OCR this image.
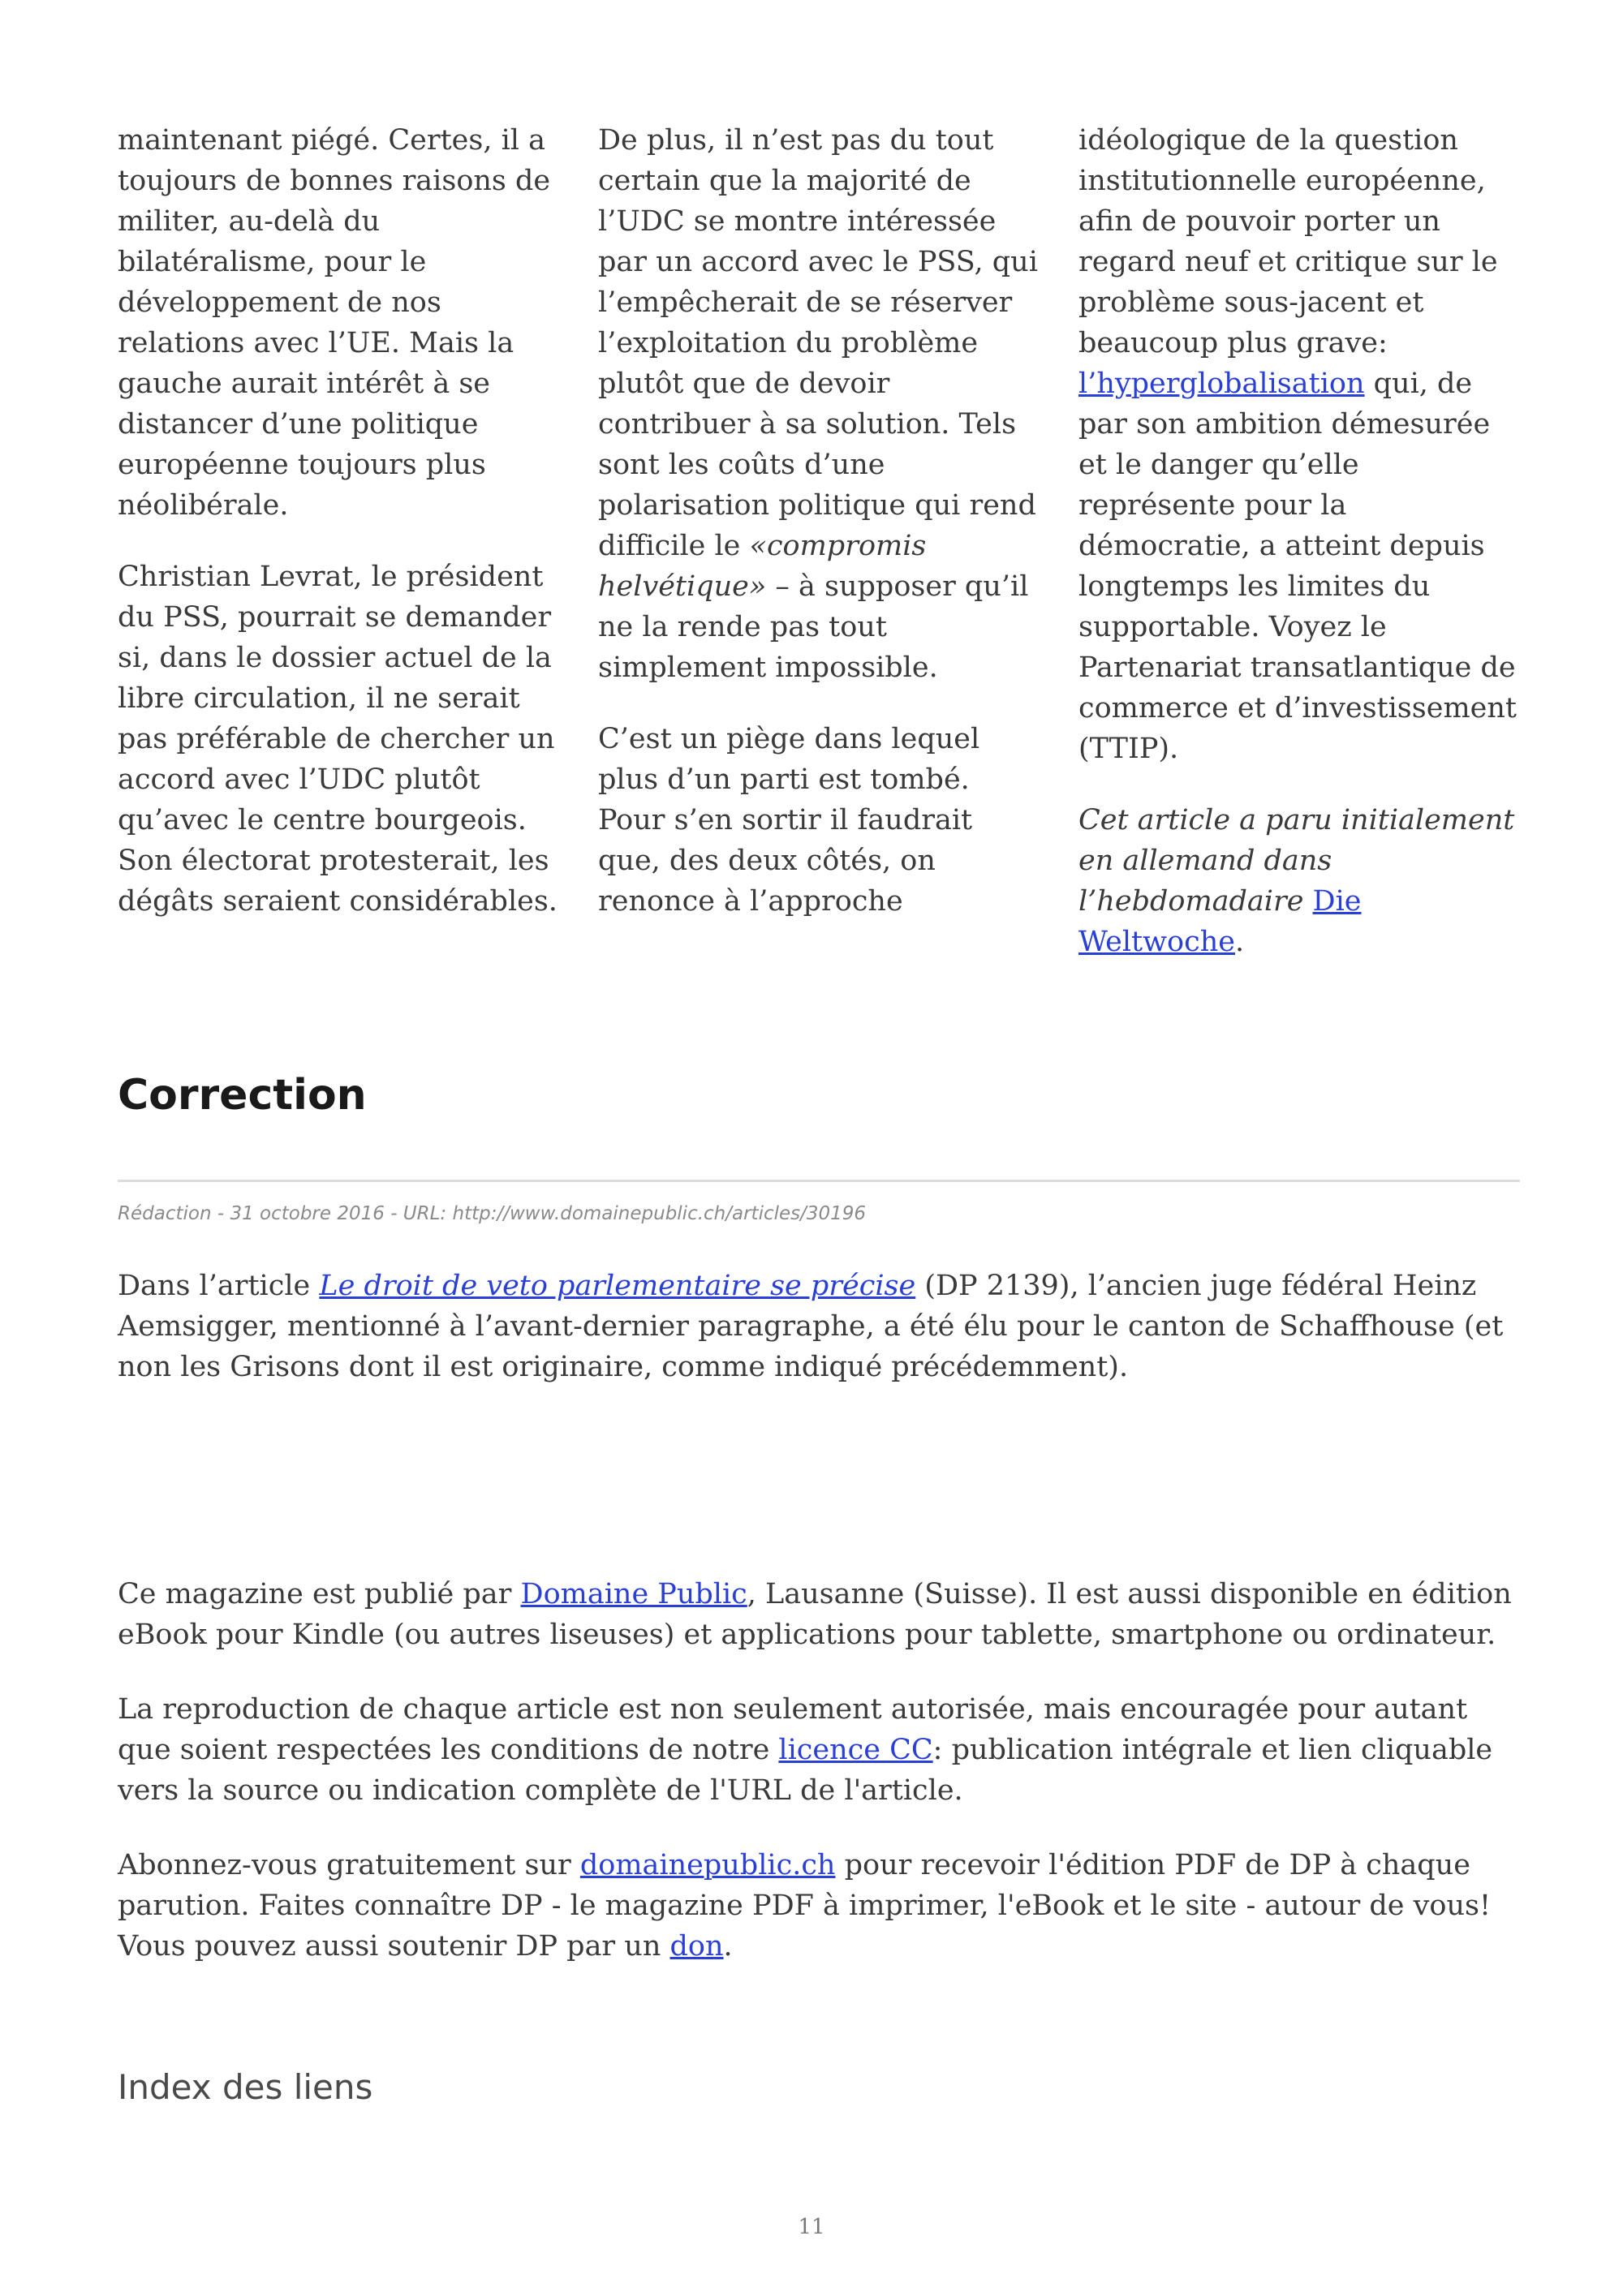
maintenant piégé. Certes, il a toujours de bonnes raisons de militer, au-delà du bilatéralisme, pour le développement de nos relations avec l’UE. Mais la gauche aurait intérêt à se distancer d’une politique européenne toujours plus néolibérale.

Christian Levrat, le président du PSS, pourrait se demander si, dans le dossier actuel de la libre circulation, il ne serait pas préférable de chercher un accord avec l’UDC plutôt qu’avec le centre bourgeois. Son électorat protesterait, les dégâts seraient considérables.

De plus, il n’est pas du tout certain que la majorité de l’UDC se montre intéressée par un accord avec le PSS, qui l’empêcherait de se réserver l’exploitation du problème plutôt que de devoir contribuer à sa solution. Tels sont les coûts d’une polarisation politique qui rend difficile le «compromis helvétique» – à supposer qu’il ne la rende pas tout simplement impossible.

C’est un piège dans lequel plus d’un parti est tombé. Pour s’en sortir il faudrait que, des deux côtés, on renonce à l’approche

idéologique de la question institutionnelle européenne, afin de pouvoir porter un regard neuf et critique sur le problème sous-jacent et beaucoup plus grave: l’hyperglobalisation qui, de par son ambition démesurée et le danger qu’elle représente pour la démocratie, a atteint depuis longtemps les limites du supportable. Voyez le Partenariat transatlantique de commerce et d’investissement (TTIP).

Cet article a paru initialement en allemand dans l’hebdomadaire Die Weltwoche.

Correction
Rédaction - 31 octobre 2016 - URL: http://www.domainepublic.ch/articles/30196

Dans l’article Le droit de veto parlementaire se précise (DP 2139), l’ancien juge fédéral Heinz Aemsigger, mentionné à l’avant-dernier paragraphe, a été élu pour le canton de Schaffhouse (et non les Grisons dont il est originaire, comme indiqué précédemment).

Ce magazine est publié par Domaine Public, Lausanne (Suisse). Il est aussi disponible en édition eBook pour Kindle (ou autres liseuses) et applications pour tablette, smartphone ou ordinateur.

La reproduction de chaque article est non seulement autorisée, mais encouragée pour autant que soient respectées les conditions de notre licence CC: publication intégrale et lien cliquable vers la source ou indication complète de l'URL de l'article.

Abonnez-vous gratuitement sur domainepublic.ch pour recevoir l'édition PDF de DP à chaque parution. Faites connaître DP - le magazine PDF à imprimer, l'eBook et le site - autour de vous! Vous pouvez aussi soutenir DP par un don.

Index des liens
11
